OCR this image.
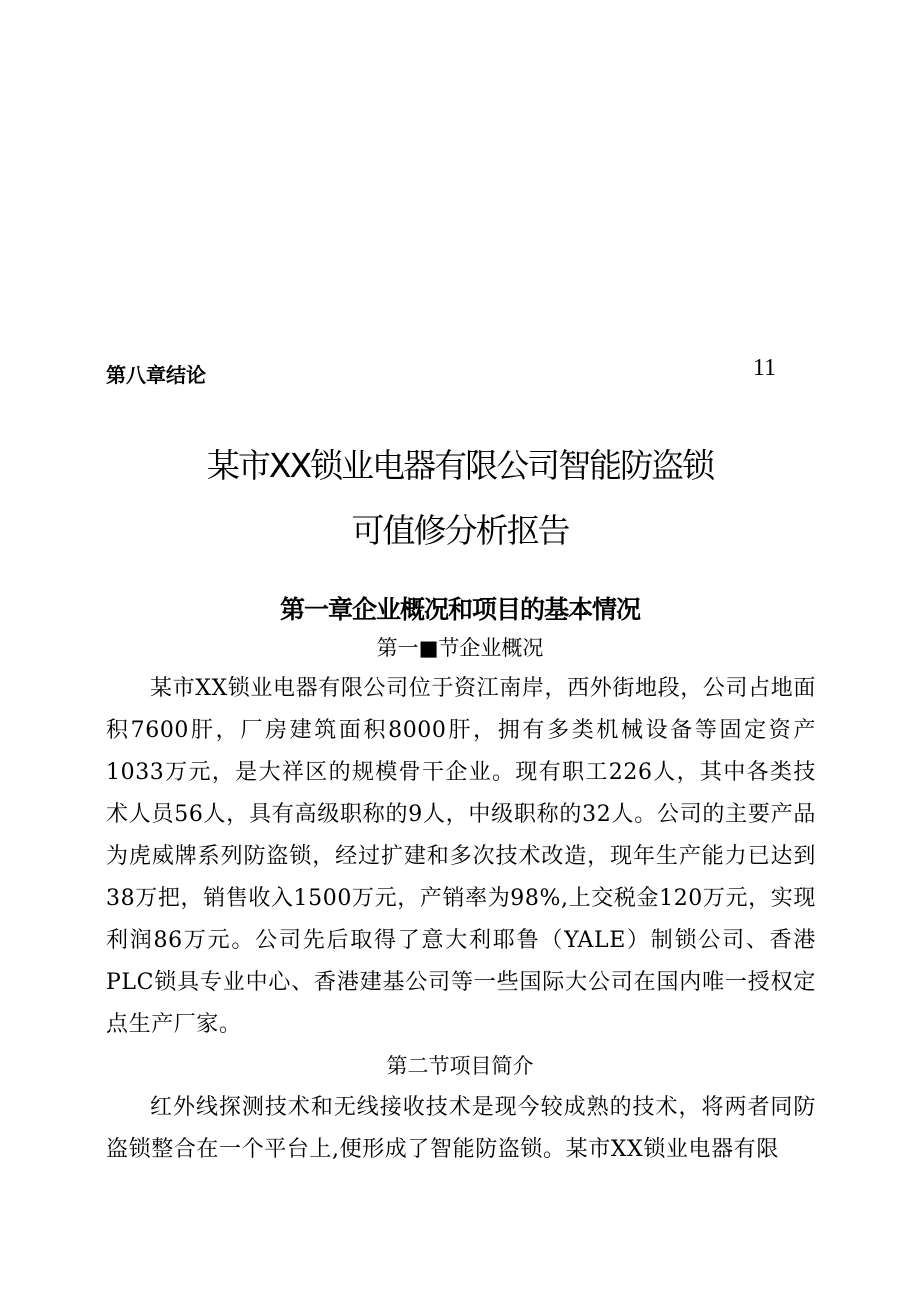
第八章结论	11
某市XX锁业电器有限公司智能防盗锁
可值修分析抠告
第一章企业概况和项目的基本情况
第一■节企业概况

某市XX锁业电器有限公司位于资江南岸，西外街地段，公司占地面积7600肝，厂房建筑面积8000肝，拥有多类机械设备等固定资产1033万元，是大祥区的规模骨干企业。现有职工226人，其中各类技术人员56人，具有高级职称的9人，中级职称的32人。公司的主要产品为虎威牌系列防盗锁，经过扩建和多次技术改造，现年生产能力已达到38万把，销售收入1500万元，产销率为98%,上交税金120万元，实现利润86万元。公司先后取得了意大利耶鲁（YALE）制锁公司、香港PLC锁具专业中心、香港建基公司等一些国际大公司在国内唯一授权定点生产厂家。

第二节项目简介

红外线探测技术和无线接收技术是现今较成熟的技术，将两者同防盗锁整合在一个平台上,便形成了智能防盗锁。某市XX锁业电器有限
